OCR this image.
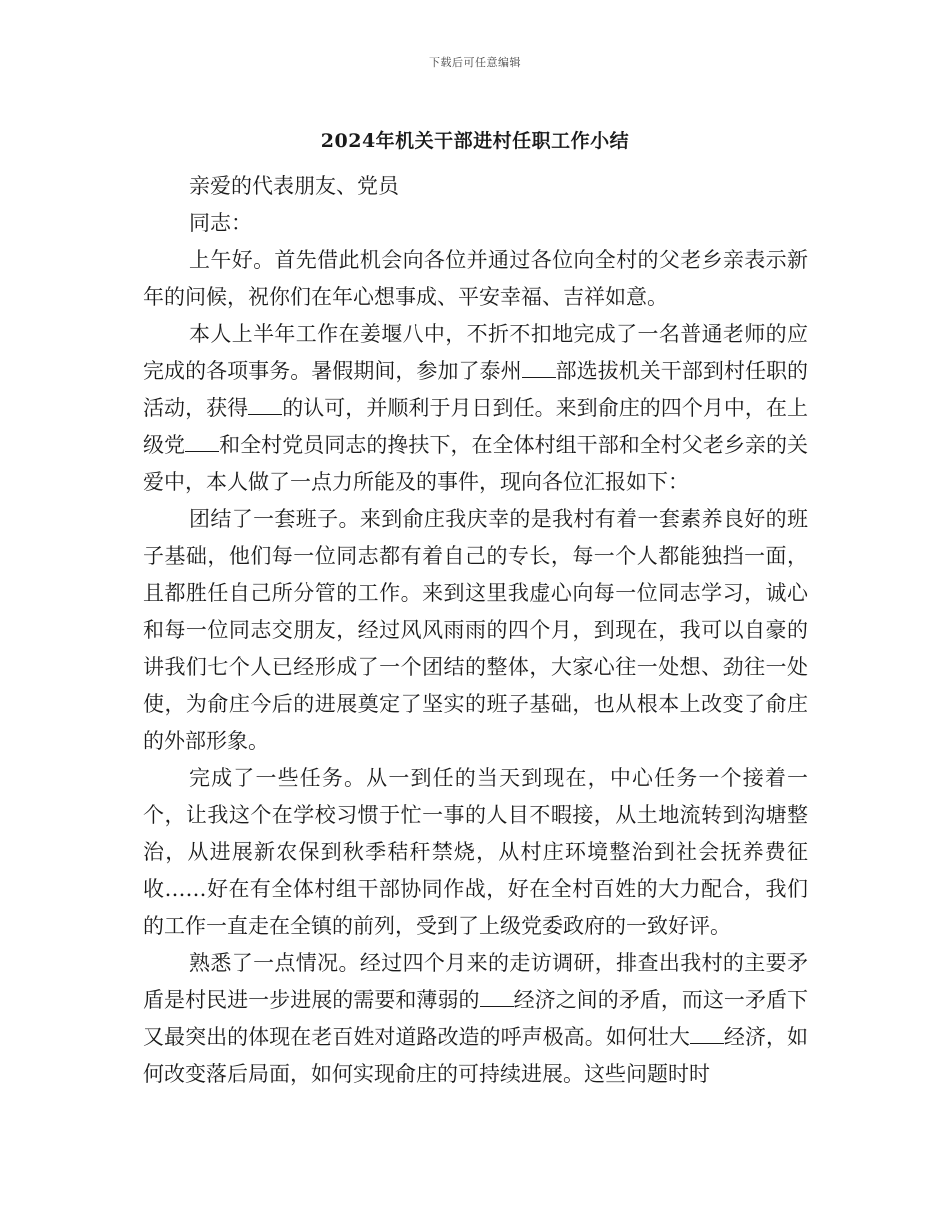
下载后可任意编辑
2024年机关干部进村任职工作小结

亲爱的代表朋友、党员

同志：

上午好。首先借此机会向各位并通过各位向全村的父老乡亲表示新年的问候，祝你们在年心想事成、平安幸福、吉祥如意。

本人上半年工作在姜堰八中，不折不扣地完成了一名普通老师的应完成的各项事务。暑假期间，参加了泰州 部选拔机关干部到村任职的活动，获得 的认可，并顺利于月日到任。来到俞庄的四个月中，在上级党 和全村党员同志的搀扶下，在全体村组干部和全村父老乡亲的关爱中，本人做了一点力所能及的事件，现向各位汇报如下：

团结了一套班子。来到俞庄我庆幸的是我村有着一套素养良好的班子基础，他们每一位同志都有着自己的专长，每一个人都能独挡一面，且都胜任自己所分管的工作。来到这里我虚心向每一位同志学习，诚心和每一位同志交朋友，经过风风雨雨的四个月，到现在，我可以自豪的讲我们七个人已经形成了一个团结的整体，大家心往一处想、劲往一处使，为俞庄今后的进展奠定了坚实的班子基础，也从根本上改变了俞庄的外部形象。

完成了一些任务。从一到任的当天到现在，中心任务一个接着一个，让我这个在学校习惯于忙一事的人目不暇接，从土地流转到沟塘整治，从进展新农保到秋季秸秆禁烧，从村庄环境整治到社会抚养费征收……好在有全体村组干部协同作战，好在全村百姓的大力配合，我们的工作一直走在全镇的前列，受到了上级党委政府的一致好评。

熟悉了一点情况。经过四个月来的走访调研，排查出我村的主要矛盾是村民进一步进展的需要和薄弱的 经济之间的矛盾，而这一矛盾下又最突出的体现在老百姓对道路改造的呼声极高。如何壮大 经济，如何改变落后局面，如何实现俞庄的可持续进展。这些问题时时
